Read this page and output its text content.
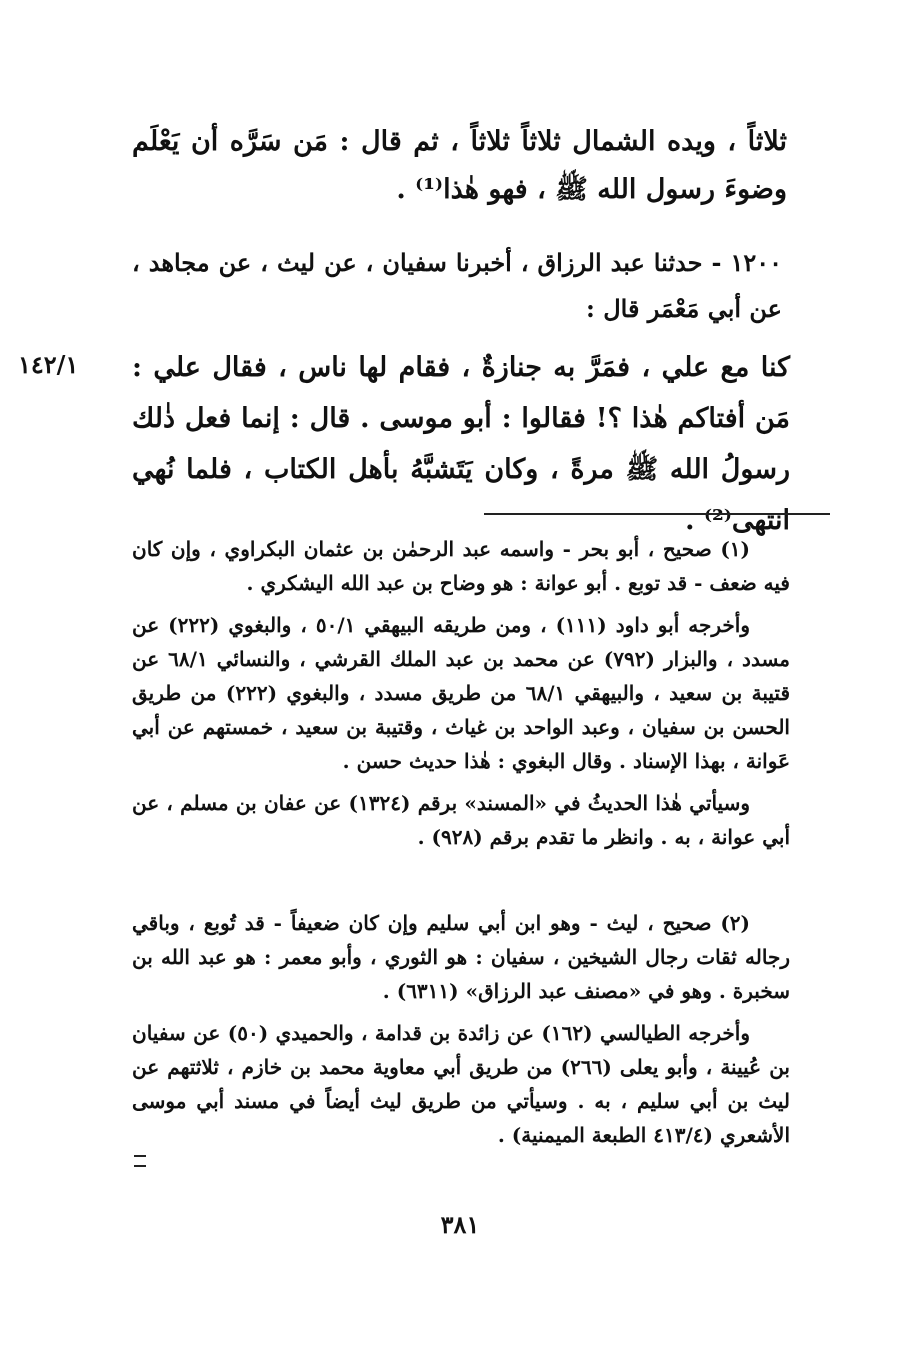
ثلاثاً ، ويده الشمال ثلاثاً ثلاثاً ، ثم قال : مَن سَرَّه أن يَعْلَم وضوءَ رسول الله ﷺ ، فهو هٰذا⁽¹⁾ .
١٢٠٠ - حدثنا عبد الرزاق ، أخبرنا سفيان ، عن ليث ، عن مجاهد ، عن أبي مَعْمَر قال :
١٤٢/١	كنا مع علي ، فمَرَّ به جنازةٌ ، فقام لها ناس ، فقال علي : مَن أفتاكم هٰذا ؟! فقالوا : أبو موسى . قال : إنما فعل ذٰلك رسولُ الله ﷺ مرةً ، وكان يَتَشبَّهُ بأهل الكتاب ، فلما نُهي انتهى⁽²⁾ .

(١) صحيح ، أبو بحر - واسمه عبد الرحمٰن بن عثمان البكراوي ، وإن كان فيه ضعف - قد توبع . أبو عوانة : هو وضاح بن عبد الله اليشكري .

وأخرجه أبو داود (١١١) ، ومن طريقه البيهقي ٥٠/١ ، والبغوي (٢٢٢) عن مسدد ، والبزار (٧٩٢) عن محمد بن عبد الملك القرشي ، والنسائي ٦٨/١ عن قتيبة بن سعيد ، والبيهقي ٦٨/١ من طريق مسدد ، والبغوي (٢٢٢) من طريق الحسن بن سفيان ، وعبد الواحد بن غياث ، وقتيبة بن سعيد ، خمستهم عن أبي عَوانة ، بهذا الإسناد . وقال البغوي : هٰذا حديث حسن .

وسيأتي هٰذا الحديثُ في «المسند» برقم (١٣٢٤) عن عفان بن مسلم ، عن أبي عوانة ، به . وانظر ما تقدم برقم (٩٢٨) .

(٢) صحيح ، ليث - وهو ابن أبي سليم وإن كان ضعيفاً - قد تُوبع ، وباقي رجاله ثقات رجال الشيخين ، سفيان : هو الثوري ، وأبو معمر : هو عبد الله بن سخبرة . وهو في «مصنف عبد الرزاق» (٦٣١١) .

وأخرجه الطيالسي (١٦٢) عن زائدة بن قدامة ، والحميدي (٥٠) عن سفيان بن عُيينة ، وأبو يعلى (٢٦٦) من طريق أبي معاوية محمد بن خازم ، ثلاثتهم عن ليث بن أبي سليم ، به . وسيأتي من طريق ليث أيضاً في مسند أبي موسى الأشعري (٤١٣/٤ الطبعة الميمنية) .

٣٨١
